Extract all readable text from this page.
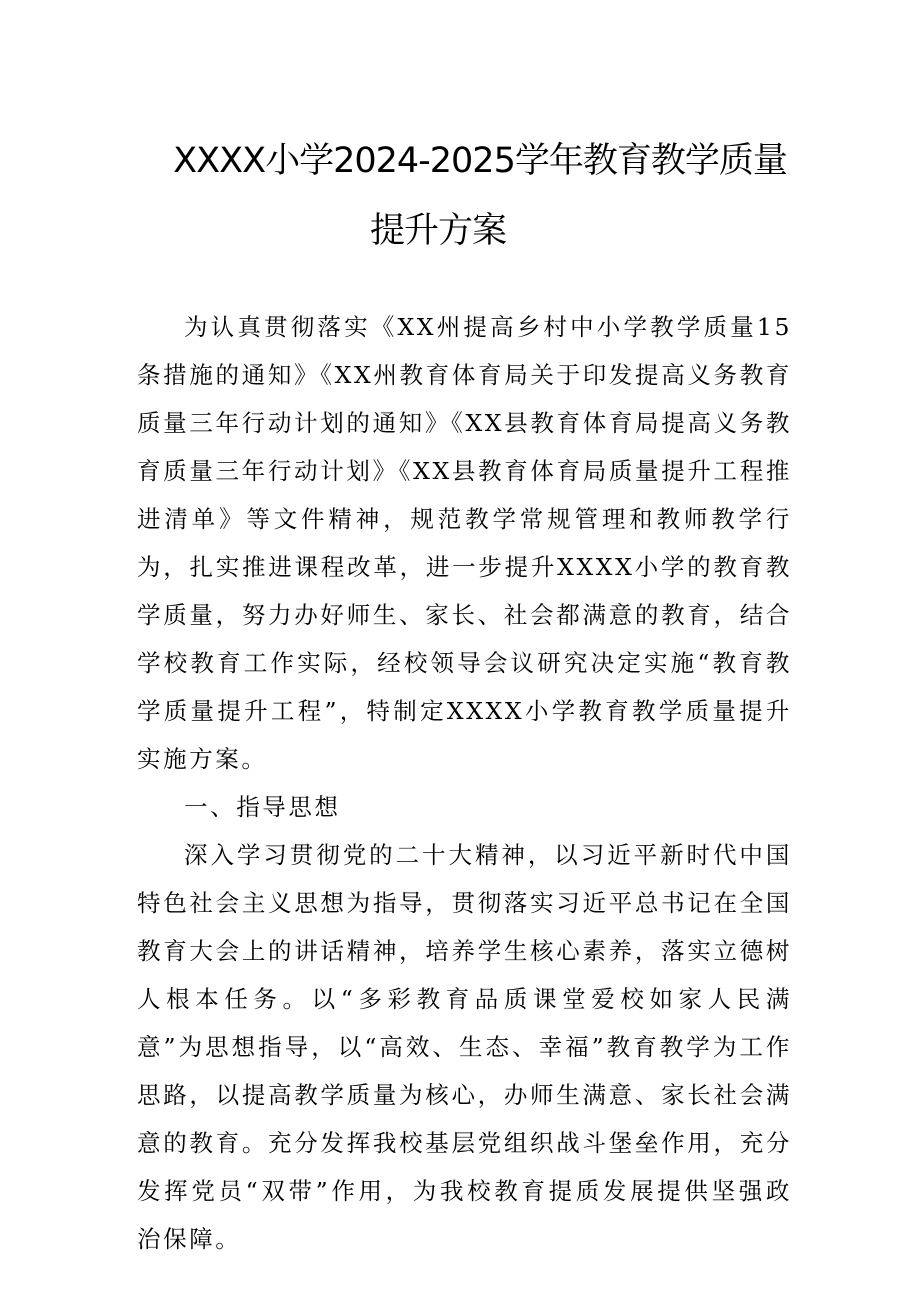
XXXX小学2024-2025学年教育教学质量
提升方案

为认真贯彻落实《XX州提高乡村中小学教学质量15条措施的通知》《XX州教育体育局关于印发提高义务教育质量三年行动计划的通知》《XX县教育体育局提高义务教育质量三年行动计划》《XX县教育体育局质量提升工程推进清单》等文件精神，规范教学常规管理和教师教学行为，扎实推进课程改革，进一步提升XXXX小学的教育教学质量，努力办好师生、家长、社会都满意的教育，结合学校教育工作实际，经校领导会议研究决定实施“教育教学质量提升工程”，特制定XXXX小学教育教学质量提升实施方案。

一、指导思想

深入学习贯彻党的二十大精神，以习近平新时代中国特色社会主义思想为指导，贯彻落实习近平总书记在全国教育大会上的讲话精神，培养学生核心素养，落实立德树人根本任务。以“多彩教育品质课堂爱校如家人民满意”为思想指导，以“高效、生态、幸福”教育教学为工作思路，以提高教学质量为核心，办师生满意、家长社会满意的教育。充分发挥我校基层党组织战斗堡垒作用，充分发挥党员“双带”作用，为我校教育提质发展提供坚强政治保障。
